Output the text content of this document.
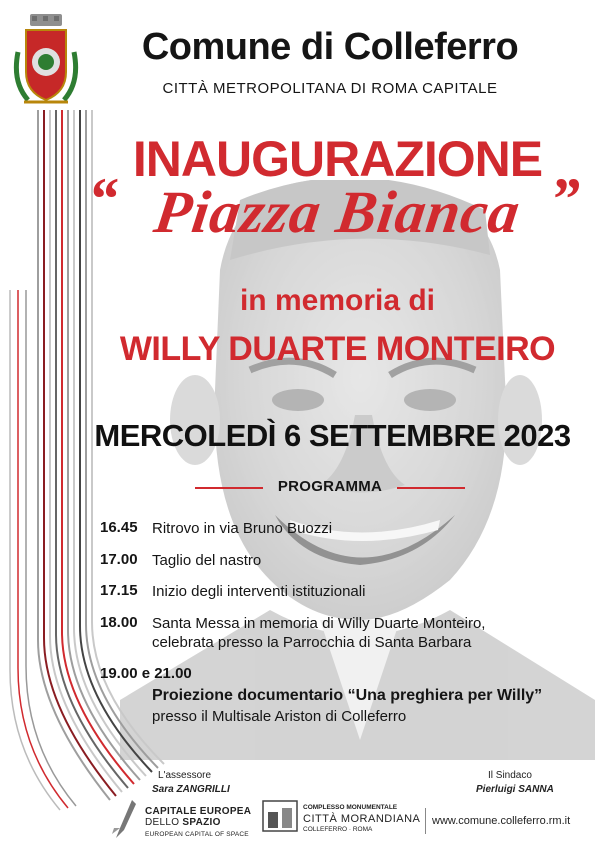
Comune di Colleferro
CITTÀ METROPOLITANA DI ROMA CAPITALE
INAUGURAZIONE
“ Piazza Bianca ”
in memoria di
WILLY DUARTE MONTEIRO
MERCOLEDÌ 6 SETTEMBRE 2023
PROGRAMMA
16.45 Ritrovo in via Bruno Buozzi
17.00 Taglio del nastro
17.15 Inizio degli interventi istituzionali
18.00 Santa Messa in memoria di Willy Duarte Monteiro,
celebrata presso la Parrocchia di Santa Barbara
19.00 e 21.00
Proiezione documentario “Una preghiera per Willy”
presso il Multisale Ariston di Colleferro
L'assessore
Sara ZANGRILLI
Il Sindaco
Pierluigi SANNA
CAPITALE EUROPEA
DELLO SPAZIO
EUROPEAN CAPITAL OF SPACE
COMPLESSO MONUMENTALE
CITTÀ MORANDIANA
COLLEFERRO · ROMA
www.comune.colleferro.rm.it
